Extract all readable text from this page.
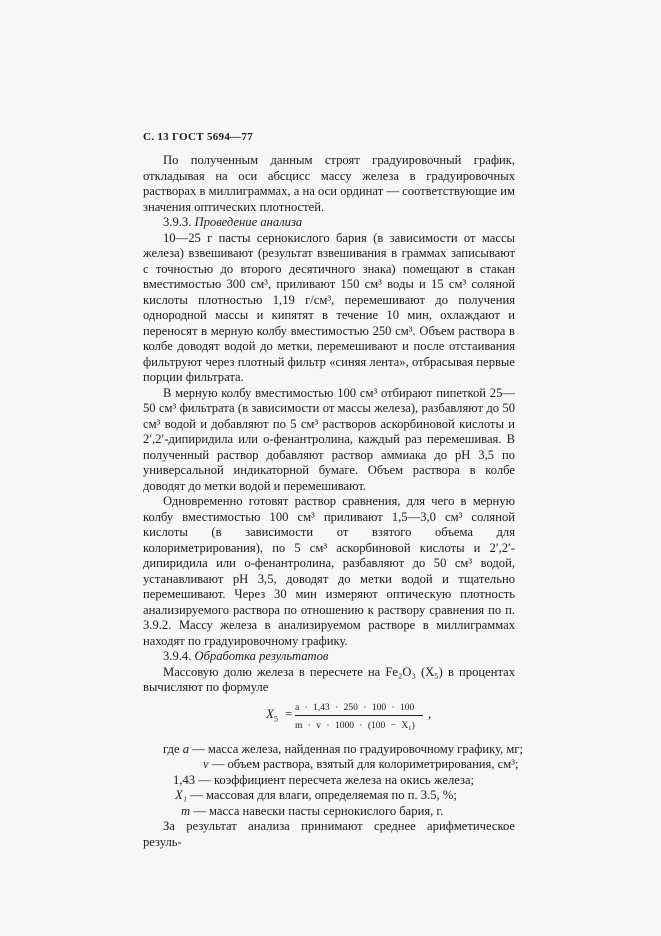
С. 13 ГОСТ 5694—77

По полученным данным строят градуировочный график, откладывая на оси абсцисс массу железа в градуировочных растворах в миллиграммах, а на оси ординат — соответствующие им значения оптических плотностей.

3.9.3. Проведение анализа

10—25 г пасты сернокислого бария (в зависимости от массы железа) взвешивают (результат взвешивания в граммах записывают с точностью до второго десятичного знака) помещают в стакан вместимостью 300 см³, приливают 150 см³ воды и 15 см³ соляной кислоты плотностью 1,19 г/см³, перемешивают до получения однородной массы и кипятят в течение 10 мин, охлаждают и переносят в мерную колбу вместимостью 250 см³. Объем раствора в колбе доводят водой до метки, перемешивают и после отстаивания фильтруют через плотный фильтр «синяя лента», отбрасывая первые порции фильтрата.

В мерную колбу вместимостью 100 см³ отбирают пипеткой 25—50 см³ фильтрата (в зависимости от массы железа), разбавляют до 50 см³ водой и добавляют по 5 см³ растворов аскорбиновой кислоты и 2′,2′-дипиридила или о-фенантролина, каждый раз перемешивая. В полученный раствор добавляют раствор аммиака до рН 3,5 по универсальной индикаторной бумаге. Объем раствора в колбе доводят до метки водой и перемешивают.

Одновременно готовят раствор сравнения, для чего в мерную колбу вместимостью 100 см³ приливают 1,5—3,0 см³ соляной кислоты (в зависимости от взятого объема для колориметрирования), по 5 см³ аскорбиновой кислоты и 2′,2′-дипиридила или о-фенантролина, разбавляют до 50 см³ водой, устанавливают рН 3,5, доводят до метки водой и тщательно перемешивают. Через 30 мин измеряют оптическую плотность анализируемого раствора по отношению к раствору сравнения по п. 3.9.2. Массу железа в анализируемом растворе в миллиграммах находят по градуировочному графику.

3.9.4. Обработка результатов

Массовую долю железа в пересчете на Fe₂O₃ (X₅) в процентах вычисляют по формуле

$X_5 = a \cdot 1,43 \cdot 250 \cdot 100 \cdot 100$
m · v · 1000 · (100 − X₁)
,
где a — масса железа, найденная по градуировочному графику, мг;
v — объем раствора, взятый для колориметрирования, см³;
1,43 — коэффициент пересчета железа на окись железа;
X₁ — массовая для влаги, определяемая по п. 3.5, %;
m — масса навески пасты сернокислого бария, г.

За результат анализа принимают среднее арифметическое резуль-
